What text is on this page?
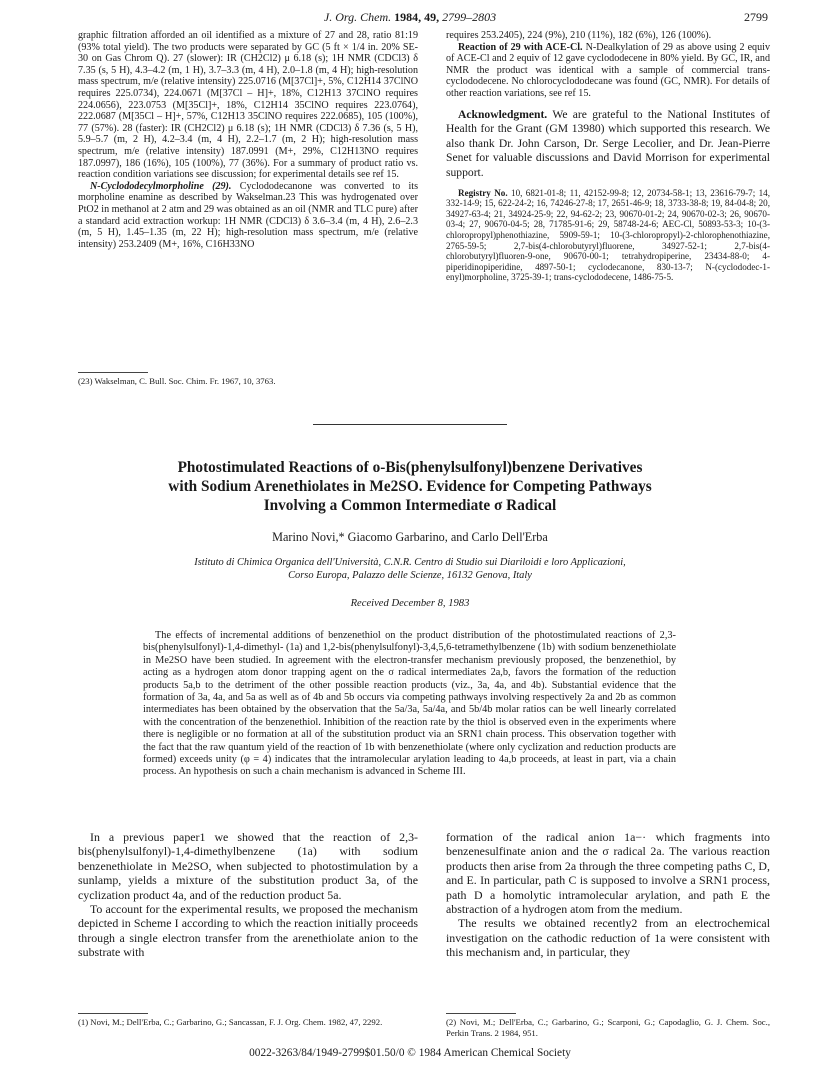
J. Org. Chem. 1984, 49, 2799–2803	2799

graphic filtration afforded an oil identified as a mixture of 27 and 28, ratio 81:19 (93% total yield). The two products were separated by GC (5 ft × 1/4 in. 20% SE-30 on Gas Chrom Q). 27 (slower): IR (CH2Cl2) μ 6.18 (s); 1H NMR (CDCl3) δ 7.35 (s, 5 H), 4.3–4.2 (m, 1 H), 3.7–3.3 (m, 4 H), 2.0–1.8 (m, 4 H); high-resolution mass spectrum, m/e (relative intensity) 225.0716 (M[37Cl]+, 5%, C12H14 37ClNO requires 225.0734), 224.0671 (M[37Cl – H]+, 18%, C12H13 37ClNO requires 224.0656), 223.0753 (M[35Cl]+, 18%, C12H14 35ClNO requires 223.0764), 222.0687 (M[35Cl – H]+, 57%, C12H13 35ClNO requires 222.0685), 105 (100%), 77 (57%). 28 (faster): IR (CH2Cl2) μ 6.18 (s); 1H NMR (CDCl3) δ 7.36 (s, 5 H), 5.9–5.7 (m, 2 H), 4.2–3.4 (m, 4 H), 2.2–1.7 (m, 2 H); high-resolution mass spectrum, m/e (relative intensity) 187.0991 (M+, 29%, C12H13NO requires 187.0997), 186 (16%), 105 (100%), 77 (36%). For a summary of product ratio vs. reaction condition variations see discussion; for experimental details see ref 15.

N-Cyclododecylmorpholine (29). Cyclododecanone was converted to its morpholine enamine as described by Wakselman.23 This was hydrogenated over PtO2 in methanol at 2 atm and 29 was obtained as an oil (NMR and TLC pure) after a standard acid extraction workup: 1H NMR (CDCl3) δ 3.6–3.4 (m, 4 H), 2.6–2.3 (m, 5 H), 1.45–1.35 (m, 22 H); high-resolution mass spectrum, m/e (relative intensity) 253.2409 (M+, 16%, C16H33NO

(23) Wakselman, C. Bull. Soc. Chim. Fr. 1967, 10, 3763.

requires 253.2405), 224 (9%), 210 (11%), 182 (6%), 126 (100%).

Reaction of 29 with ACE-Cl. N-Dealkylation of 29 as above using 2 equiv of ACE-Cl and 2 equiv of 12 gave cyclododecene in 80% yield. By GC, IR, and NMR the product was identical with a sample of commercial trans-cyclododecene. No chlorocyclododecane was found (GC, NMR). For details of other reaction variations, see ref 15.

Acknowledgment. We are grateful to the National Institutes of Health for the Grant (GM 13980) which supported this research. We also thank Dr. John Carson, Dr. Serge Lecolier, and Dr. Jean-Pierre Senet for valuable discussions and David Morrison for experimental support.

Registry No. 10, 6821-01-8; 11, 42152-99-8; 12, 20734-58-1; 13, 23616-79-7; 14, 332-14-9; 15, 622-24-2; 16, 74246-27-8; 17, 2651-46-9; 18, 3733-38-8; 19, 84-04-8; 20, 34927-63-4; 21, 34924-25-9; 22, 94-62-2; 23, 90670-01-2; 24, 90670-02-3; 26, 90670-03-4; 27, 90670-04-5; 28, 71785-91-6; 29, 58748-24-6; AEC-Cl, 50893-53-3; 10-(3-chloropropyl)phenothiazine, 5909-59-1; 10-(3-chloropropyl)-2-chlorophenothiazine, 2765-59-5; 2,7-bis(4-chlorobutyryl)fluorene, 34927-52-1; 2,7-bis(4-chlorobutyryl)fluoren-9-one, 90670-00-1; tetrahydropiperine, 23434-88-0; 4-piperidinopiperidine, 4897-50-1; cyclodecanone, 830-13-7; N-(cyclododec-1-enyl)morpholine, 3725-39-1; trans-cyclododecene, 1486-75-5.

Photostimulated Reactions of o-Bis(phenylsulfonyl)benzene Derivatives
with Sodium Arenethiolates in Me2SO. Evidence for Competing Pathways
Involving a Common Intermediate σ Radical
Marino Novi,* Giacomo Garbarino, and Carlo Dell'Erba
Istituto di Chimica Organica dell'Università, C.N.R. Centro di Studio sui Diariloidi e loro Applicazioni,
Corso Europa, Palazzo delle Scienze, 16132 Genova, Italy
Received December 8, 1983

The effects of incremental additions of benzenethiol on the product distribution of the photostimulated reactions of 2,3-bis(phenylsulfonyl)-1,4-dimethyl- (1a) and 1,2-bis(phenylsulfonyl)-3,4,5,6-tetramethylbenzene (1b) with sodium benzenethiolate in Me2SO have been studied. In agreement with the electron-transfer mechanism previously proposed, the benzenethiol, by acting as a hydrogen atom donor trapping agent on the σ radical intermediates 2a,b, favors the formation of the reduction products 5a,b to the detriment of the other possible reaction products (viz., 3a, 4a, and 4b). Substantial evidence that the formation of 3a, 4a, and 5a as well as of 4b and 5b occurs via competing pathways involving respectively 2a and 2b as common intermediates has been obtained by the observation that the 5a/3a, 5a/4a, and 5b/4b molar ratios can be well linearly correlated with the concentration of the benzenethiol. Inhibition of the reaction rate by the thiol is observed even in the experiments where there is negligible or no formation at all of the substitution product via an SRN1 chain process. This observation together with the fact that the raw quantum yield of the reaction of 1b with benzenethiolate (where only cyclization and reduction products are formed) exceeds unity (φ = 4) indicates that the intramolecular arylation leading to 4a,b proceeds, at least in part, via a chain process. An hypothesis on such a chain mechanism is advanced in Scheme III.

In a previous paper1 we showed that the reaction of 2,3-bis(phenylsulfonyl)-1,4-dimethylbenzene (1a) with sodium benzenethiolate in Me2SO, when subjected to photostimulation by a sunlamp, yields a mixture of the substitution product 3a, of the cyclization product 4a, and of the reduction product 5a.

To account for the experimental results, we proposed the mechanism depicted in Scheme I according to which the reaction initially proceeds through a single electron transfer from the arenethiolate anion to the substrate with

formation of the radical anion 1a−· which fragments into benzenesulfinate anion and the σ radical 2a. The various reaction products then arise from 2a through the three competing paths C, D, and E. In particular, path C is supposed to involve a SRN1 process, path D a homolytic intramolecular arylation, and path E the abstraction of a hydrogen atom from the medium.

The results we obtained recently2 from an electrochemical investigation on the cathodic reduction of 1a were consistent with this mechanism and, in particular, they

(1) Novi, M.; Dell'Erba, C.; Garbarino, G.; Sancassan, F. J. Org. Chem. 1982, 47, 2292.	(2) Novi, M.; Dell'Erba, C.; Garbarino, G.; Scarponi, G.; Capodaglio, G. J. Chem. Soc., Perkin Trans. 2 1984, 951.
0022-3263/84/1949-2799$01.50/0 © 1984 American Chemical Society
